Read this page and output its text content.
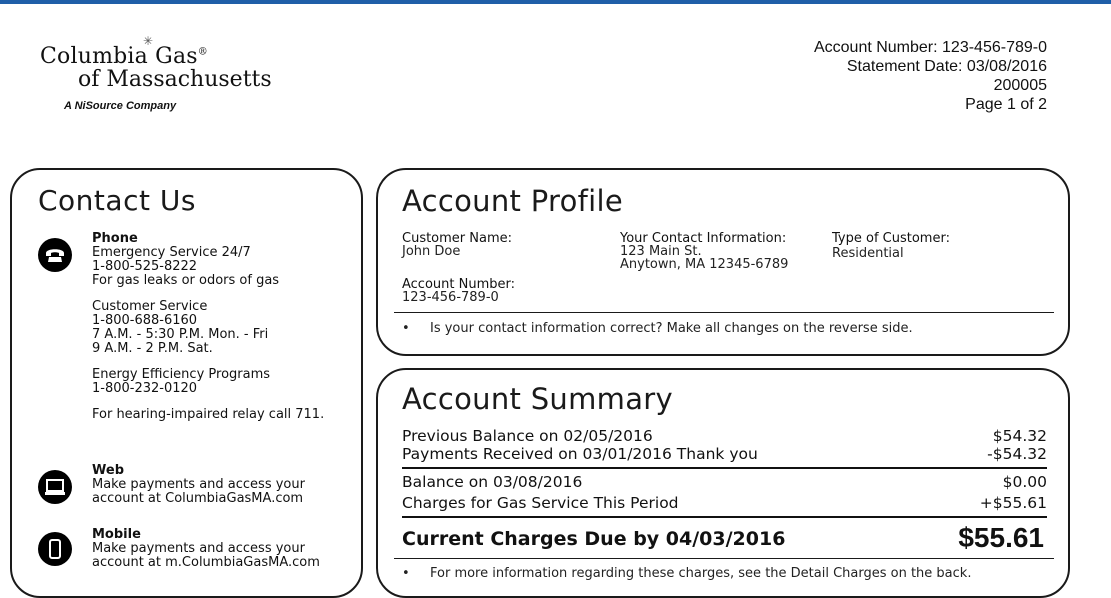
✳
Columbia Gas®
of Massachusetts
A NiSource Company
Account Number: 123-456-789-0
Statement Date: 03/08/2016
200005
Page 1 of 2
Contact Us
Phone
Emergency Service 24/7
1-800-525-8222
For gas leaks or odors of gas
Customer Service
1-800-688-6160
7 A.M. - 5:30 P.M. Mon. - Fri
9 A.M. - 2 P.M. Sat.
Energy Efficiency Programs
1-800-232-0120
For hearing-impaired relay call 711.
Web
Make payments and access your
account at ColumbiaGasMA.com
Mobile
Make payments and access your
account at m.ColumbiaGasMA.com
Account Profile
Customer Name:
John Doe
Your Contact Information:
123 Main St.
Anytown, MA 12345-6789
Type of Customer:
Residential
Account Number:
123-456-789-0
• Is your contact information correct? Make all changes on the reverse side.
Account Summary
Previous Balance on 02/05/2016	$54.32
Payments Received on 03/01/2016 Thank you	-$54.32
Balance on 03/08/2016	$0.00
Charges for Gas Service This Period	+$55.61
Current Charges Due by 04/03/2016	$55.61
• For more information regarding these charges, see the Detail Charges on the back.
